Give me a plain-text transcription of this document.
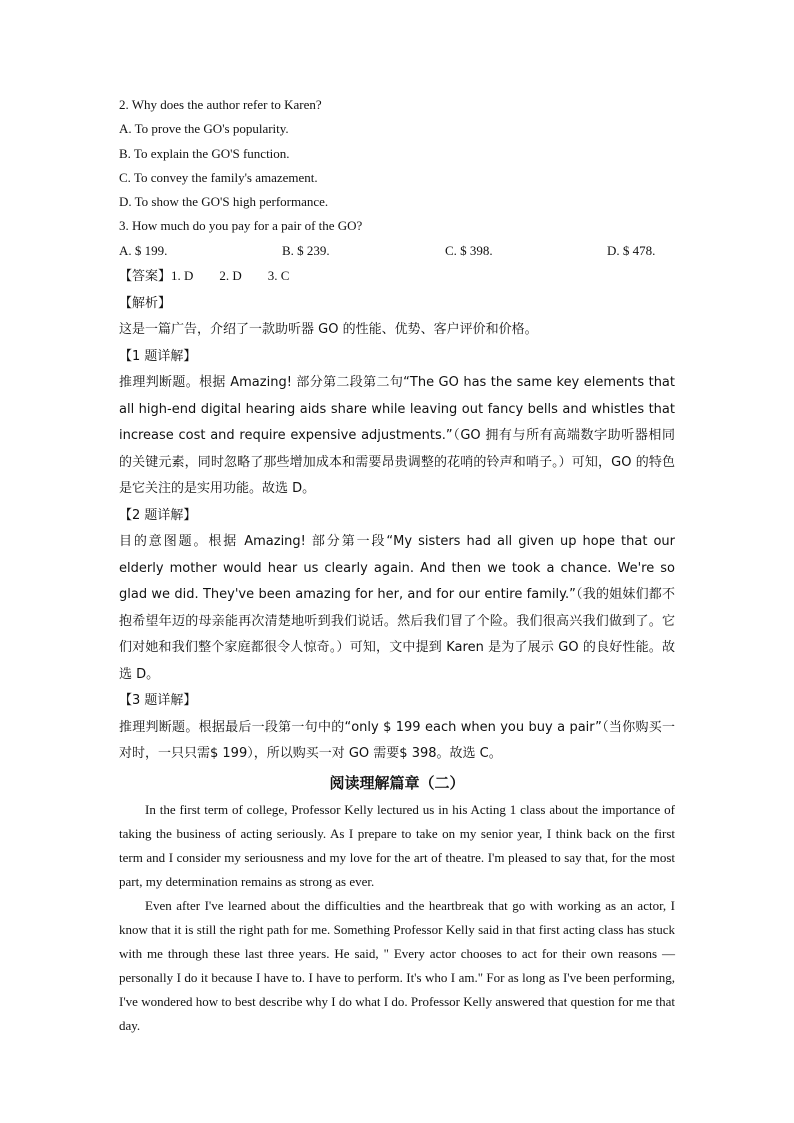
2. Why does the author refer to Karen?
A. To prove the GO's popularity.
B. To explain the GO'S function.
C. To convey the family's amazement.
D. To show the GO'S high performance.
3. How much do you pay for a pair of the GO?
A. $ 199.	B. $ 239.	C. $ 398.	D. $ 478.
【答案】1. D 2. D 3. C
【解析】

这是一篇广告，介绍了一款助听器 GO 的性能、优势、客户评价和价格。

【1 题详解】

推理判断题。根据 Amazing! 部分第二段第二句“The GO has the same key elements that all high-end digital hearing aids share while leaving out fancy bells and whistles that increase cost and require expensive adjustments.”（GO 拥有与所有高端数字助听器相同的关键元素，同时忽略了那些增加成本和需要昂贵调整的花哨的铃声和哨子。）可知，GO 的特色是它关注的是实用功能。故选 D。

【2 题详解】

目的意图题。根据 Amazing! 部分第一段“My sisters had all given up hope that our elderly mother would hear us clearly again. And then we took a chance. We're so glad we did. They've been amazing for her, and for our entire family.”（我的姐妹们都不抱希望年迈的母亲能再次清楚地听到我们说话。然后我们冒了个险。我们很高兴我们做到了。它们对她和我们整个家庭都很令人惊奇。）可知，文中提到 Karen 是为了展示 GO 的良好性能。故选 D。

【3 题详解】

推理判断题。根据最后一段第一句中的“only $ 199 each when you buy a pair”（当你购买一对时，一只只需$ 199），所以购买一对 GO 需要$ 398。故选 C。

阅读理解篇章（二）

In the first term of college, Professor Kelly lectured us in his Acting 1 class about the importance of taking the business of acting seriously. As I prepare to take on my senior year, I think back on the first term and I consider my seriousness and my love for the art of theatre. I'm pleased to say that, for the most part, my determination remains as strong as ever.

Even after I've learned about the difficulties and the heartbreak that go with working as an actor, I know that it is still the right path for me. Something Professor Kelly said in that first acting class has stuck with me through these last three years. He said, " Every actor chooses to act for their own reasons — personally I do it because I have to. I have to perform. It's who I am." For as long as I've been performing, I've wondered how to best describe why I do what I do. Professor Kelly answered that question for me that day.
